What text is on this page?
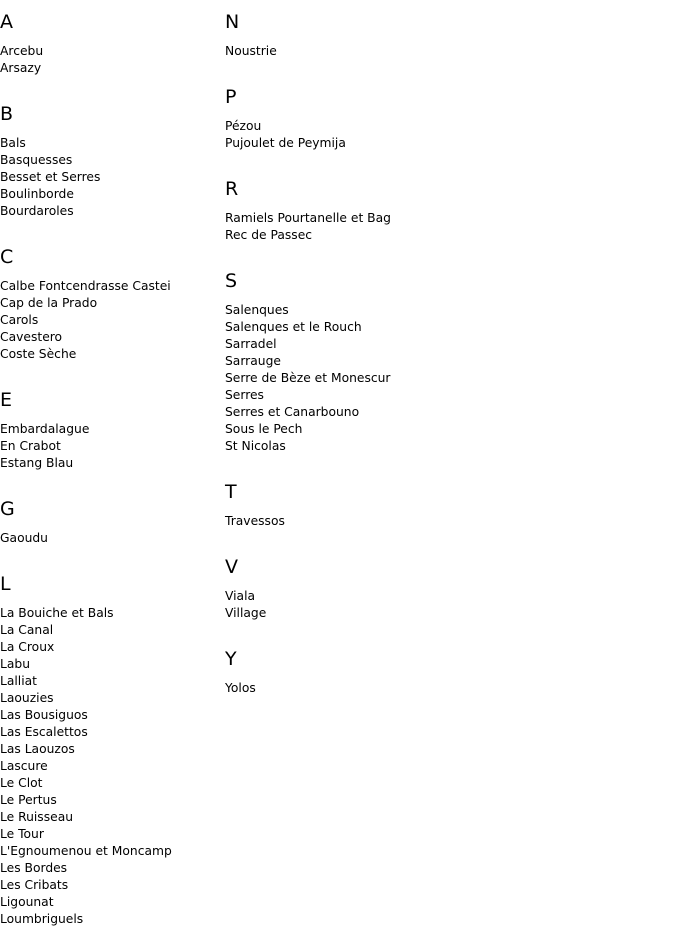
A
Arcebu
Arsazy
B
Bals
Basquesses
Besset et Serres
Boulinborde
Bourdaroles
C
Calbe Fontcendrasse Castei
Cap de la Prado
Carols
Cavestero
Coste Sèche
E
Embardalague
En Crabot
Estang Blau
G
Gaoudu
L
La Bouiche et Bals
La Canal
La Croux
Labu
Lalliat
Laouzies
Las Bousiguos
Las Escalettos
Las Laouzos
Lascure
Le Clot
Le Pertus
Le Ruisseau
Le Tour
L'Egnoumenou et Moncamp
Les Bordes
Les Cribats
Ligounat
Loumbriguels
N
Noustrie
P
Pézou
Pujoulet de Peymija
R
Ramiels Pourtanelle et Bag
Rec de Passec
S
Salenques
Salenques et le Rouch
Sarradel
Sarrauge
Serre de Bèze et Monescur
Serres
Serres et Canarbouno
Sous le Pech
St Nicolas
T
Travessos
V
Viala
Village
Y
Yolos
